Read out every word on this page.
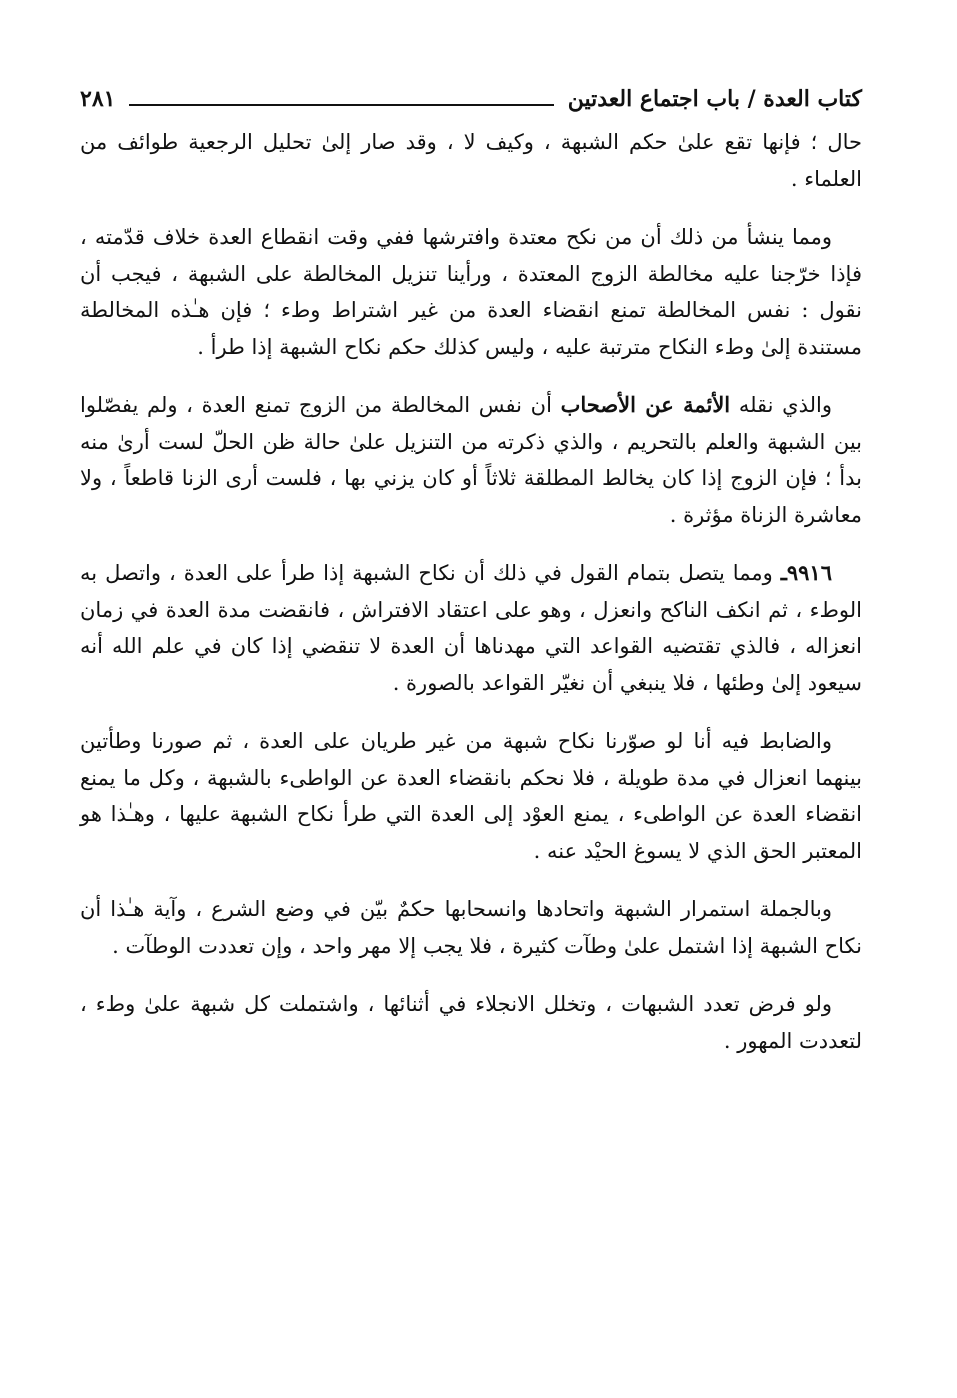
كتاب العدة / باب اجتماع العدتين
٢٨١

حال ؛ فإنها تقع علىٰ حكم الشبهة ، وكيف لا ، وقد صار إلىٰ تحليل الرجعية طوائف من العلماء .

ومما ينشأ من ذلك أن من نكح معتدة وافترشها ففي وقت انقطاع العدة خلاف قدّمته ، فإذا خرّجنا عليه مخالطة الزوج المعتدة ، ورأينا تنزيل المخالطة على الشبهة ، فيجب أن نقول : نفس المخالطة تمنع انقضاء العدة من غير اشتراط وطء ؛ فإن هـٰذه المخالطة مستندة إلىٰ وطء النكاح مترتبة عليه ، وليس كذلك حكم نكاح الشبهة إذا طرأ .

والذي نقله الأئمة عن الأصحاب أن نفس المخالطة من الزوج تمنع العدة ، ولم يفصّلوا بين الشبهة والعلم بالتحريم ، والذي ذكرته من التنزيل علىٰ حالة ظن الحلّ لست أرىٰ منه بدأ ؛ فإن الزوج إذا كان يخالط المطلقة ثلاثاً أو كان يزني بها ، فلست أرى الزنا قاطعاً ، ولا معاشرة الزناة مؤثرة .

٩٩١٦ـ ومما يتصل بتمام القول في ذلك أن نكاح الشبهة إذا طرأ على العدة ، واتصل به الوطء ، ثم انكف الناكح وانعزل ، وهو على اعتقاد الافتراش ، فانقضت مدة العدة في زمان انعزاله ، فالذي تقتضيه القواعد التي مهدناها أن العدة لا تنقضي إذا كان في علم الله أنه سيعود إلىٰ وطئها ، فلا ينبغي أن نغيّر القواعد بالصورة .

والضابط فيه أنا لو صوّرنا نكاح شبهة من غير طريان على العدة ، ثم صورنا وطأتين بينهما انعزال في مدة طويلة ، فلا نحكم بانقضاء العدة عن الواطىء بالشبهة ، وكل ما يمنع انقضاء العدة عن الواطىء ، يمنع العوْد إلى العدة التي طرأ نكاح الشبهة عليها ، وهـٰذا هو المعتبر الحق الذي لا يسوغ الحيْد عنه .

وبالجملة استمرار الشبهة واتحادها وانسحابها حكمٌ بيّن في وضع الشرع ، وآية هـٰذا أن نكاح الشبهة إذا اشتمل علىٰ وطآت كثيرة ، فلا يجب إلا مهر واحد ، وإن تعددت الوطآت .

ولو فرض تعدد الشبهات ، وتخلل الانجلاء في أثنائها ، واشتملت كل شبهة علىٰ وطء ، لتعددت المهور .
